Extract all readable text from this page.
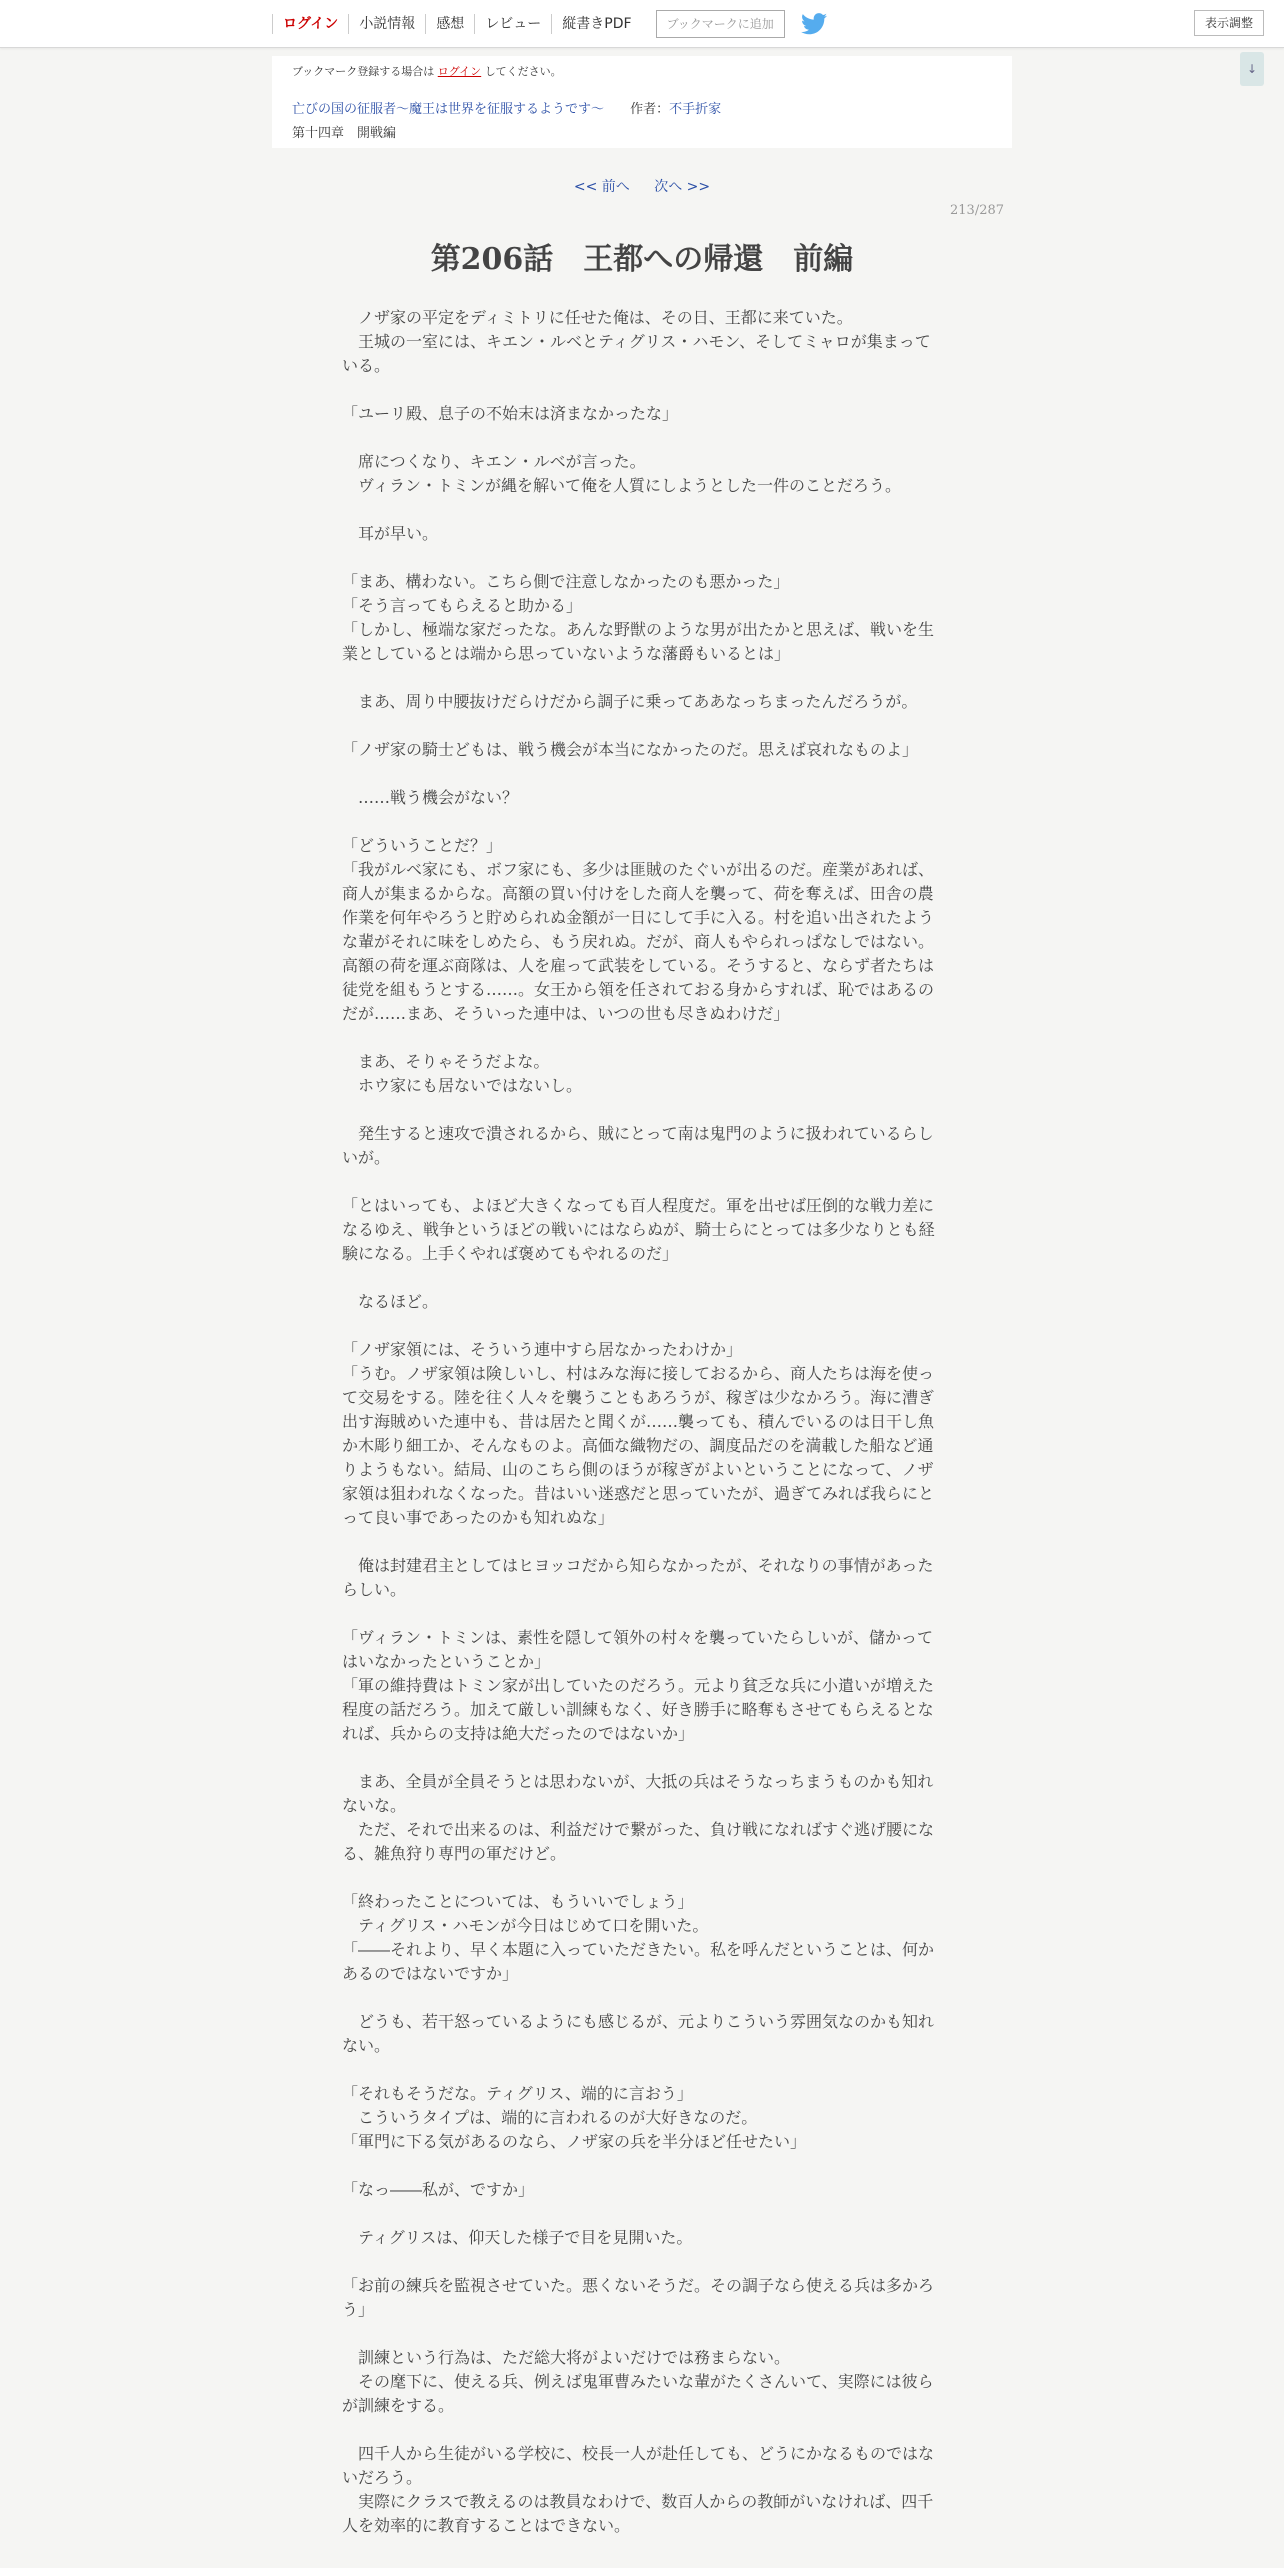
ログイン	小説情報	感想	レビュー	縦書きPDF	ブックマークに追加	表示調整
↓
ブックマーク登録する場合は ログイン してください。
亡びの国の征服者～魔王は世界を征服するようです～ 作者：不手折家
第十四章　開戦編
<< 前へ 次へ >>
213/287
第206話　王都への帰還　前編
　ノザ家の平定をディミトリに任せた俺は、その日、王都に来ていた。
　王城の一室には、キエン・ルベとティグリス・ハモン、そしてミャロが集まっている。
「ユーリ殿、息子の不始末は済まなかったな」
　席につくなり、キエン・ルベが言った。
　ヴィラン・トミンが縄を解いて俺を人質にしようとした一件のことだろう。
　耳が早い。
「まあ、構わない。こちら側で注意しなかったのも悪かった」
「そう言ってもらえると助かる」
「しかし、極端な家だったな。あんな野獣のような男が出たかと思えば、戦いを生業としているとは端から思っていないような藩爵もいるとは」
　まあ、周り中腰抜けだらけだから調子に乗ってああなっちまったんだろうが。
「ノザ家の騎士どもは、戦う機会が本当になかったのだ。思えば哀れなものよ」
　……戦う機会がない？
「どういうことだ？」
「我がルベ家にも、ボフ家にも、多少は匪賊のたぐいが出るのだ。産業があれば、商人が集まるからな。高額の買い付けをした商人を襲って、荷を奪えば、田舎の農作業を何年やろうと貯められぬ金額が一日にして手に入る。村を追い出されたような輩がそれに味をしめたら、もう戻れぬ。だが、商人もやられっぱなしではない。高額の荷を運ぶ商隊は、人を雇って武装をしている。そうすると、ならず者たちは徒党を組もうとする……。女王から領を任されておる身からすれば、恥ではあるのだが……まあ、そういった連中は、いつの世も尽きぬわけだ」
　まあ、そりゃそうだよな。
　ホウ家にも居ないではないし。
　発生すると速攻で潰されるから、賊にとって南は鬼門のように扱われているらしいが。
「とはいっても、よほど大きくなっても百人程度だ。軍を出せば圧倒的な戦力差になるゆえ、戦争というほどの戦いにはならぬが、騎士らにとっては多少なりとも経験になる。上手くやれば褒めてもやれるのだ」
　なるほど。
「ノザ家領には、そういう連中すら居なかったわけか」
「うむ。ノザ家領は険しいし、村はみな海に接しておるから、商人たちは海を使って交易をする。陸を往く人々を襲うこともあろうが、稼ぎは少なかろう。海に漕ぎ出す海賊めいた連中も、昔は居たと聞くが……襲っても、積んでいるのは日干し魚か木彫り細工か、そんなものよ。高価な織物だの、調度品だのを満載した船など通りようもない。結局、山のこちら側のほうが稼ぎがよいということになって、ノザ家領は狙われなくなった。昔はいい迷惑だと思っていたが、過ぎてみれば我らにとって良い事であったのかも知れぬな」
　俺は封建君主としてはヒヨッコだから知らなかったが、それなりの事情があったらしい。
「ヴィラン・トミンは、素性を隠して領外の村々を襲っていたらしいが、儲かってはいなかったということか」
「軍の維持費はトミン家が出していたのだろう。元より貧乏な兵に小遣いが増えた程度の話だろう。加えて厳しい訓練もなく、好き勝手に略奪もさせてもらえるとなれば、兵からの支持は絶大だったのではないか」
　まあ、全員が全員そうとは思わないが、大抵の兵はそうなっちまうものかも知れないな。
　ただ、それで出来るのは、利益だけで繋がった、負け戦になればすぐ逃げ腰になる、雑魚狩り専門の軍だけど。
「終わったことについては、もういいでしょう」
　ティグリス・ハモンが今日はじめて口を開いた。
「――それより、早く本題に入っていただきたい。私を呼んだということは、何かあるのではないですか」
　どうも、若干怒っているようにも感じるが、元よりこういう雰囲気なのかも知れない。
「それもそうだな。ティグリス、端的に言おう」
　こういうタイプは、端的に言われるのが大好きなのだ。
「軍門に下る気があるのなら、ノザ家の兵を半分ほど任せたい」
「なっ――私が、ですか」
　ティグリスは、仰天した様子で目を見開いた。
「お前の練兵を監視させていた。悪くないそうだ。その調子なら使える兵は多かろう」
　訓練という行為は、ただ総大将がよいだけでは務まらない。
　その麾下に、使える兵、例えば鬼軍曹みたいな輩がたくさんいて、実際には彼らが訓練をする。
　四千人から生徒がいる学校に、校長一人が赴任しても、どうにかなるものではないだろう。
　実際にクラスで教えるのは教員なわけで、数百人からの教師がいなければ、四千人を効率的に教育することはできない。
